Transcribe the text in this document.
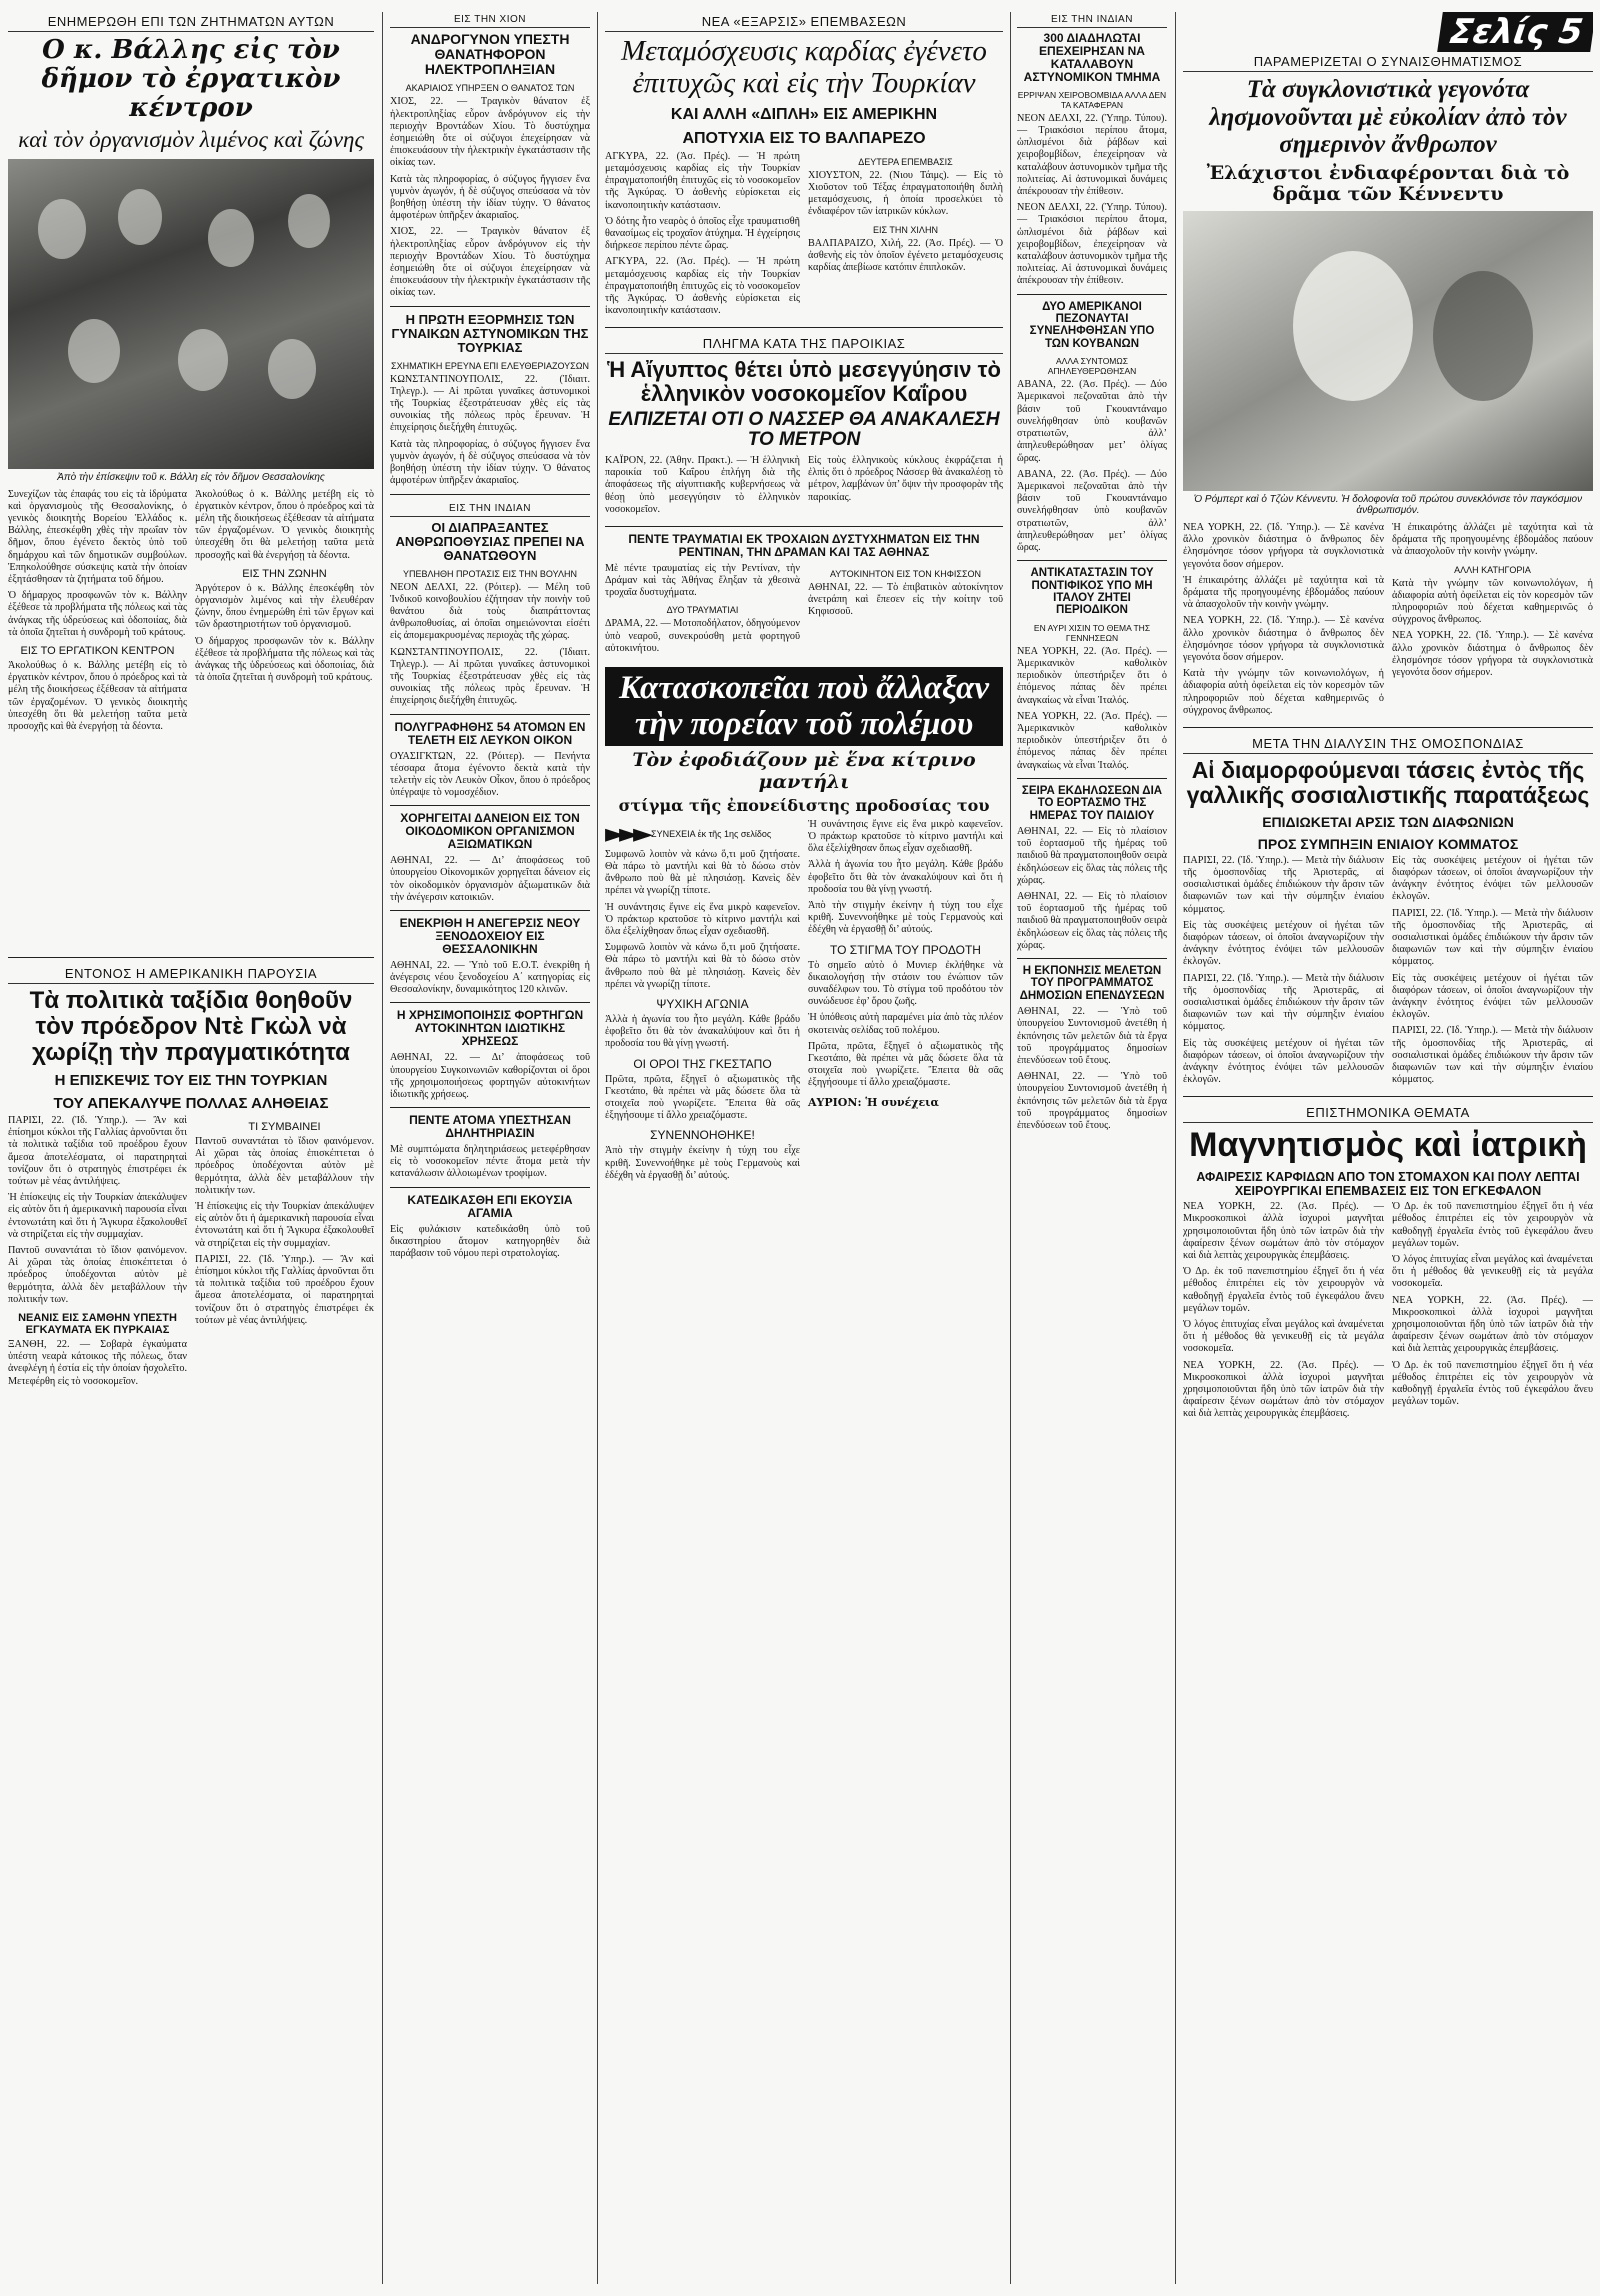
ΕΝΗΜΕΡΩΘΗ ΕΠΙ ΤΩΝ ΖΗΤΗΜΑΤΩΝ ΑΥΤΩΝ
Ο κ. Βάλλης εἰς τὸν δῆμον τὸ ἐργατικὸν κέντρον
καὶ τὸν ὀργανισμὸν λιμένος καὶ ζώνης
Ἀπὸ τὴν ἐπίσκεψιν τοῦ κ. Βάλλη εἰς τὸν δῆμον Θεσσαλονίκης

Συνεχίζων τὰς ἐπαφάς του εἰς τὰ ἱδρύματα καὶ ὀργανισμοὺς τῆς Θεσσαλονίκης, ὁ γενικὸς διοικητὴς Βορείου Ἑλλάδος κ. Βάλλης, ἐπεσκέφθη χθὲς τὴν πρωΐαν τὸν δῆμον, ὅπου ἐγένετο δεκτὸς ὑπὸ τοῦ δημάρχου καὶ τῶν δημοτικῶν συμβούλων. Ἐπηκολούθησε σύσκεψις κατὰ τὴν ὁποίαν ἐξητάσθησαν τὰ ζητήματα τοῦ δήμου.

Ὁ δήμαρχος προσφωνῶν τὸν κ. Βάλλην ἐξέθεσε τὰ προβλήματα τῆς πόλεως καὶ τὰς ἀνάγκας τῆς ὑδρεύσεως καὶ ὁδοποιίας, διὰ τὰ ὁποῖα ζητεῖται ἡ συνδρομὴ τοῦ κράτους.

ΕΙΣ ΤΟ ΕΡΓΑΤΙΚΟΝ ΚΕΝΤΡΟΝ

Ἀκολούθως ὁ κ. Βάλλης μετέβη εἰς τὸ ἐργατικὸν κέντρον, ὅπου ὁ πρόεδρος καὶ τὰ μέλη τῆς διοικήσεως ἐξέθεσαν τὰ αἰτήματα τῶν ἐργαζομένων. Ὁ γενικὸς διοικητὴς ὑπεσχέθη ὅτι θὰ μελετήσῃ ταῦτα μετὰ προσοχῆς καὶ θὰ ἐνεργήσῃ τὰ δέοντα.

Ἀκολούθως ὁ κ. Βάλλης μετέβη εἰς τὸ ἐργατικὸν κέντρον, ὅπου ὁ πρόεδρος καὶ τὰ μέλη τῆς διοικήσεως ἐξέθεσαν τὰ αἰτήματα τῶν ἐργαζομένων. Ὁ γενικὸς διοικητὴς ὑπεσχέθη ὅτι θὰ μελετήσῃ ταῦτα μετὰ προσοχῆς καὶ θὰ ἐνεργήσῃ τὰ δέοντα.

ΕΙΣ ΤΗΝ ΖΩΝΗΝ

Ἀργότερον ὁ κ. Βάλλης ἐπεσκέφθη τὸν ὀργανισμὸν λιμένος καὶ τὴν ἐλευθέραν ζώνην, ὅπου ἐνημερώθη ἐπὶ τῶν ἔργων καὶ τῶν δραστηριοτήτων τοῦ ὀργανισμοῦ.

Ὁ δήμαρχος προσφωνῶν τὸν κ. Βάλλην ἐξέθεσε τὰ προβλήματα τῆς πόλεως καὶ τὰς ἀνάγκας τῆς ὑδρεύσεως καὶ ὁδοποιίας, διὰ τὰ ὁποῖα ζητεῖται ἡ συνδρομὴ τοῦ κράτους.

ΕΝΤΟΝΟΣ Η ΑΜΕΡΙΚΑΝΙΚΗ ΠΑΡΟΥΣΙΑ
Τὰ πολιτικὰ ταξίδια θοηθοῦν τὸν πρόεδρον Ντὲ Γκὼλ νὰ χωρίζῃ τὴν πραγματικότητα
Η ΕΠΙΣΚΕΨΙΣ ΤΟΥ ΕΙΣ ΤΗΝ ΤΟΥΡΚΙΑΝ
ΤΟΥ ΑΠΕΚΑΛΥΨΕ ΠΟΛΛΑΣ ΑΛΗΘΕΙΑΣ

ΠΑΡΙΣΙ, 22. (Ἰδ. Ὑπηρ.). — Ἂν καὶ ἐπίσημοι κύκλοι τῆς Γαλλίας ἀρνοῦνται ὅτι τὰ πολιτικὰ ταξίδια τοῦ προέδρου ἔχουν ἄμεσα ἀποτελέσματα, οἱ παρατηρηταὶ τονίζουν ὅτι ὁ στρατηγὸς ἐπιστρέφει ἐκ τούτων μὲ νέας ἀντιλήψεις.

Ἡ ἐπίσκεψις εἰς τὴν Τουρκίαν ἀπεκάλυψεν εἰς αὐτὸν ὅτι ἡ ἀμερικανικὴ παρουσία εἶναι ἐντονωτάτη καὶ ὅτι ἡ Ἄγκυρα ἐξακολουθεῖ νὰ στηρίζεται εἰς τὴν συμμαχίαν.

Παντοῦ συναντάται τὸ ἴδιον φαινόμενον. Αἱ χῶραι τὰς ὁποίας ἐπισκέπτεται ὁ πρόεδρος ὑποδέχονται αὐτὸν μὲ θερμότητα, ἀλλὰ δὲν μεταβάλλουν τὴν πολιτικήν των.

ΝΕΑΝΙΣ ΕΙΣ ΣΑΜΘΗΝ ΥΠΕΣΤΗ ΕΓΚΑΥΜΑΤΑ ΕΚ ΠΥΡΚΑΙΑΣ

ΞΑΝΘΗ, 22. — Σοβαρὰ ἐγκαύματα ὑπέστη νεαρὰ κάτοικος τῆς πόλεως, ὅταν ἀνεφλέγη ἡ ἐστία εἰς τὴν ὁποίαν ἠσχολεῖτο. Μετεφέρθη εἰς τὸ νοσοκομεῖον.

ΤΙ ΣΥΜΒΑΙΝΕΙ

Παντοῦ συναντάται τὸ ἴδιον φαινόμενον. Αἱ χῶραι τὰς ὁποίας ἐπισκέπτεται ὁ πρόεδρος ὑποδέχονται αὐτὸν μὲ θερμότητα, ἀλλὰ δὲν μεταβάλλουν τὴν πολιτικήν των.

Ἡ ἐπίσκεψις εἰς τὴν Τουρκίαν ἀπεκάλυψεν εἰς αὐτὸν ὅτι ἡ ἀμερικανικὴ παρουσία εἶναι ἐντονωτάτη καὶ ὅτι ἡ Ἄγκυρα ἐξακολουθεῖ νὰ στηρίζεται εἰς τὴν συμμαχίαν.

ΠΑΡΙΣΙ, 22. (Ἰδ. Ὑπηρ.). — Ἂν καὶ ἐπίσημοι κύκλοι τῆς Γαλλίας ἀρνοῦνται ὅτι τὰ πολιτικὰ ταξίδια τοῦ προέδρου ἔχουν ἄμεσα ἀποτελέσματα, οἱ παρατηρηταὶ τονίζουν ὅτι ὁ στρατηγὸς ἐπιστρέφει ἐκ τούτων μὲ νέας ἀντιλήψεις.

ΕΙΣ ΤΗΝ ΧΙΟΝ
ΑΝΔΡΟΓΥΝΟΝ ΥΠΕΣΤΗ ΘΑΝΑΤΗΦΟΡΟΝ ΗΛΕΚΤΡΟΠΛΗΞΙΑΝ
ΑΚΑΡΙΑΙΟΣ ΥΠΗΡΞΕΝ Ο ΘΑΝΑΤΟΣ ΤΩΝ

ΧΙΟΣ, 22. — Τραγικὸν θάνατον ἐξ ἠλεκτροπληξίας εὗρον ἀνδρόγυνον εἰς τὴν περιοχὴν Βροντάδων Χίου. Τὸ δυστύχημα ἐσημειώθη ὅτε οἱ σύζυγοι ἐπεχείρησαν νὰ ἐπισκευάσουν τὴν ἠλεκτρικὴν ἐγκατάστασιν τῆς οἰκίας των.

Κατὰ τὰς πληροφορίας, ὁ σύζυγος ἤγγισεν ἕνα γυμνὸν ἀγωγόν, ἡ δὲ σύζυγος σπεύσασα νὰ τὸν βοηθήσῃ ὑπέστη τὴν ἰδίαν τύχην. Ὁ θάνατος ἀμφοτέρων ὑπῆρξεν ἀκαριαῖος.

ΧΙΟΣ, 22. — Τραγικὸν θάνατον ἐξ ἠλεκτροπληξίας εὗρον ἀνδρόγυνον εἰς τὴν περιοχὴν Βροντάδων Χίου. Τὸ δυστύχημα ἐσημειώθη ὅτε οἱ σύζυγοι ἐπεχείρησαν νὰ ἐπισκευάσουν τὴν ἠλεκτρικὴν ἐγκατάστασιν τῆς οἰκίας των.

Η ΠΡΩΤΗ ΕΞΟΡΜΗΣΙΣ ΤΩΝ ΓΥΝΑΙΚΩΝ ΑΣΤΥΝΟΜΙΚΩΝ ΤΗΣ ΤΟΥΡΚΙΑΣ
ΣΧΗΜΑΤΙΚΗ ΕΡΕΥΝΑ ΕΠΙ ΕΛΕΥΘΕΡΙΑΖΟΥΣΩΝ

ΚΩΝΣΤΑΝΤΙΝΟΥΠΟΛΙΣ, 22. (Ἰδιαιτ. Τηλεγρ.). — Αἱ πρῶται γυναῖκες ἀστυνομικοὶ τῆς Τουρκίας ἐξεστράτευσαν χθὲς εἰς τὰς συνοικίας τῆς πόλεως πρὸς ἔρευναν. Ἡ ἐπιχείρησις διεξήχθη ἐπιτυχῶς.

Κατὰ τὰς πληροφορίας, ὁ σύζυγος ἤγγισεν ἕνα γυμνὸν ἀγωγόν, ἡ δὲ σύζυγος σπεύσασα νὰ τὸν βοηθήσῃ ὑπέστη τὴν ἰδίαν τύχην. Ὁ θάνατος ἀμφοτέρων ὑπῆρξεν ἀκαριαῖος.

ΕΙΣ ΤΗΝ ΙΝΔΙΑΝ
ΟΙ ΔΙΑΠΡΑΞΑΝΤΕΣ ΑΝΘΡΩΠΟΘΥΣΙΑΣ ΠΡΕΠΕΙ ΝΑ ΘΑΝΑΤΩΘΟΥΝ
ΥΠΕΒΛΗΘΗ ΠΡΟΤΑΣΙΣ ΕΙΣ ΤΗΝ ΒΟΥΛΗΝ

ΝΕΟΝ ΔΕΛΧΙ, 22. (Ρόιτερ). — Μέλη τοῦ Ἰνδικοῦ κοινοβουλίου ἐζήτησαν τὴν ποινὴν τοῦ θανάτου διὰ τοὺς διαπράττοντας ἀνθρωποθυσίας, αἱ ὁποῖαι σημειώνονται εἰσέτι εἰς ἀπομεμακρυσμένας περιοχὰς τῆς χώρας.

ΚΩΝΣΤΑΝΤΙΝΟΥΠΟΛΙΣ, 22. (Ἰδιαιτ. Τηλεγρ.). — Αἱ πρῶται γυναῖκες ἀστυνομικοὶ τῆς Τουρκίας ἐξεστράτευσαν χθὲς εἰς τὰς συνοικίας τῆς πόλεως πρὸς ἔρευναν. Ἡ ἐπιχείρησις διεξήχθη ἐπιτυχῶς.

ΠΟΛΥΓΡΑΦΗΘΗΣ 54 ΑΤΟΜΩΝ ΕΝ ΤΕΛΕΤΗ ΕΙΣ ΛΕΥΚΟΝ ΟΙΚΟΝ

ΟΥΑΣΙΓΚΤΩΝ, 22. (Ρόιτερ). — Πενήντα τέσσαρα ἄτομα ἐγένοντο δεκτὰ κατὰ τὴν τελετὴν εἰς τὸν Λευκὸν Οἶκον, ὅπου ὁ πρόεδρος ὑπέγραψε τὸ νομοσχέδιον.

ΧΟΡΗΓΕΙΤΑΙ ΔΑΝΕΙΟΝ ΕΙΣ ΤΟΝ ΟΙΚΟΔΟΜΙΚΟΝ ΟΡΓΑΝΙΣΜΟΝ ΑΞΙΩΜΑΤΙΚΩΝ

ΑΘΗΝΑΙ, 22. — Δι’ ἀποφάσεως τοῦ ὑπουργείου Οἰκονομικῶν χορηγεῖται δάνειον εἰς τὸν οἰκοδομικὸν ὀργανισμὸν ἀξιωματικῶν διὰ τὴν ἀνέγερσιν κατοικιῶν.

ΕΝΕΚΡΙΘΗ Η ΑΝΕΓΕΡΣΙΣ ΝΕΟΥ ΞΕΝΟΔΟΧΕΙΟΥ ΕΙΣ ΘΕΣΣΑΛΟΝΙΚΗΝ

ΑΘΗΝΑΙ, 22. — Ὑπὸ τοῦ Ε.Ο.Τ. ἐνεκρίθη ἡ ἀνέγερσις νέου ξενοδοχείου Α΄ κατηγορίας εἰς Θεσσαλονίκην, δυναμικότητος 120 κλινῶν.

Η ΧΡΗΣΙΜΟΠΟΙΗΣΙΣ ΦΟΡΤΗΓΩΝ ΑΥΤΟΚΙΝΗΤΩΝ ΙΔΙΩΤΙΚΗΣ ΧΡΗΣΕΩΣ

ΑΘΗΝΑΙ, 22. — Δι’ ἀποφάσεως τοῦ ὑπουργείου Συγκοινωνιῶν καθορίζονται οἱ ὅροι τῆς χρησιμοποιήσεως φορτηγῶν αὐτοκινήτων ἰδιωτικῆς χρήσεως.

ΠΕΝΤΕ ΑΤΟΜΑ ΥΠΕΣΤΗΣΑΝ ΔΗΛΗΤΗΡΙΑΣΙΝ

Μὲ συμπτώματα δηλητηριάσεως μετεφέρθησαν εἰς τὸ νοσοκομεῖον πέντε ἄτομα μετὰ τὴν κατανάλωσιν ἀλλοιωμένων τροφίμων.

ΚΑΤΕΔΙΚΑΣΘΗ ΕΠΙ ΕΚΟΥΣΙΑ ΑΓΑΜΙΑ

Εἰς φυλάκισιν κατεδικάσθη ὑπὸ τοῦ δικαστηρίου ἄτομον κατηγορηθὲν διὰ παράβασιν τοῦ νόμου περὶ στρατολογίας.

ΝΕΑ «ΕΞΑΡΣΙΣ» ΕΠΕΜΒΑΣΕΩΝ
Μεταμόσχευσις καρδίας ἐγένετο ἐπιτυχῶς καὶ εἰς τὴν Τουρκίαν
ΚΑΙ ΑΛΛΗ «ΔΙΠΛΗ» ΕΙΣ ΑΜΕΡΙΚΗΝ
ΑΠΟΤΥΧΙΑ ΕΙΣ ΤΟ ΒΑΛΠΑΡΕΖΟ

ΑΓΚΥΡΑ, 22. (Ἀσ. Πρές). — Ἡ πρώτη μεταμόσχευσις καρδίας εἰς τὴν Τουρκίαν ἐπραγματοποιήθη ἐπιτυχῶς εἰς τὸ νοσοκομεῖον τῆς Ἀγκύρας. Ὁ ἀσθενὴς εὑρίσκεται εἰς ἱκανοποιητικὴν κατάστασιν.

Ὁ δότης ἦτο νεαρὸς ὁ ὁποῖος εἶχε τραυματισθῆ θανασίμως εἰς τροχαῖον ἀτύχημα. Ἡ ἐγχείρησις διήρκεσε περίπου πέντε ὥρας.

ΑΓΚΥΡΑ, 22. (Ἀσ. Πρές). — Ἡ πρώτη μεταμόσχευσις καρδίας εἰς τὴν Τουρκίαν ἐπραγματοποιήθη ἐπιτυχῶς εἰς τὸ νοσοκομεῖον τῆς Ἀγκύρας. Ὁ ἀσθενὴς εὑρίσκεται εἰς ἱκανοποιητικὴν κατάστασιν.

ΔΕΥΤΕΡΑ ΕΠΕΜΒΑΣΙΣ

ΧΙΟΥΣΤΟΝ, 22. (Νιου Τάιμς). — Εἰς τὸ Χιοῦστον τοῦ Τέξας ἐπραγματοποιήθη διπλὴ μεταμόσχευσις, ἡ ὁποία προσελκύει τὸ ἐνδιαφέρον τῶν ἰατρικῶν κύκλων.

ΕΙΣ ΤΗΝ ΧΙΛΗΝ

ΒΑΛΠΑΡΑΙΖΟ, Χιλή, 22. (Ἀσ. Πρές). — Ὁ ἀσθενὴς εἰς τὸν ὁποῖον ἐγένετο μεταμόσχευσις καρδίας ἀπεβίωσε κατόπιν ἐπιπλοκῶν.

ΠΛΗΓΜΑ ΚΑΤΑ ΤΗΣ ΠΑΡΟΙΚΙΑΣ
Ἡ Αἴγυπτος θέτει ὑπὸ μεσεγγύησιν τὸ ἑλληνικὸν νοσοκομεῖον Καΐρου
ΕΛΠΙΖΕΤΑΙ ΟΤΙ Ο ΝΑΣΣΕΡ ΘΑ ΑΝΑΚΑΛΕΣΗ ΤΟ ΜΕΤΡΟΝ

ΚΑΪΡΟΝ, 22. (Ἀθην. Πρακτ.). — Ἡ ἑλληνικὴ παροικία τοῦ Καΐρου ἐπλήγη διὰ τῆς ἀποφάσεως τῆς αἰγυπτιακῆς κυβερνήσεως νὰ θέσῃ ὑπὸ μεσεγγύησιν τὸ ἑλληνικὸν νοσοκομεῖον.

Εἰς τοὺς ἑλληνικοὺς κύκλους ἐκφράζεται ἡ ἐλπὶς ὅτι ὁ πρόεδρος Νάσσερ θὰ ἀνακαλέσῃ τὸ μέτρον, λαμβάνων ὑπ’ ὄψιν τὴν προσφορὰν τῆς παροικίας.

ΠΕΝΤΕ ΤΡΑΥΜΑΤΙΑΙ ΕΚ ΤΡΟΧΑΙΩΝ ΔΥΣΤΥΧΗΜΑΤΩΝ ΕΙΣ ΤΗΝ ΡΕΝΤΙΝΑΝ, ΤΗΝ ΔΡΑΜΑΝ ΚΑΙ ΤΑΣ ΑΘΗΝΑΣ

Μὲ πέντε τραυματίας εἰς τὴν Ρεντίναν, τὴν Δράμαν καὶ τὰς Ἀθήνας ἔληξαν τὰ χθεσινὰ τροχαῖα δυστυχήματα.

ΔΥΟ ΤΡΑΥΜΑΤΙΑΙ

ΔΡΑΜΑ, 22. — Μοτοποδήλατον, ὁδηγούμενον ὑπὸ νεαροῦ, συνεκρούσθη μετὰ φορτηγοῦ αὐτοκινήτου.

ΑΥΤΟΚΙΝΗΤΟΝ ΕΙΣ ΤΟΝ ΚΗΦΙΣΣΟΝ

ΑΘΗΝΑΙ, 22. — Τὸ ἐπιβατικὸν αὐτοκίνητον ἀνετράπη καὶ ἔπεσεν εἰς τὴν κοίτην τοῦ Κηφισσοῦ.

Κατασκοπεῖαι ποὺ ἄλλαξαν τὴν πορείαν τοῦ πολέμου
Τὸν ἐφοδιάζουν μὲ ἕνα κίτρινο μαντήλι
στίγμα τῆς ἐπονείδιστης προδοσίας του
►►► ΣΥΝΕΧΕΙΑ ἐκ τῆς 1ης σελίδος

Συμφωνῶ λοιπὸν νὰ κάνω ὅ,τι μοῦ ζητήσατε. Θὰ πάρω τὸ μαντήλι καὶ θὰ τὸ δώσω στὸν ἄνθρωπο ποὺ θὰ μὲ πλησιάσῃ. Κανεὶς δὲν πρέπει νὰ γνωρίζῃ τίποτε.

Ἡ συνάντησις ἔγινε εἰς ἕνα μικρὸ καφενεῖον. Ὁ πράκτωρ κρατοῦσε τὸ κίτρινο μαντήλι καὶ ὅλα ἐξελίχθησαν ὅπως εἶχαν σχεδιασθῆ.

Συμφωνῶ λοιπὸν νὰ κάνω ὅ,τι μοῦ ζητήσατε. Θὰ πάρω τὸ μαντήλι καὶ θὰ τὸ δώσω στὸν ἄνθρωπο ποὺ θὰ μὲ πλησιάσῃ. Κανεὶς δὲν πρέπει νὰ γνωρίζῃ τίποτε.

ΨΥΧΙΚΗ ΑΓΩΝΙΑ

Ἀλλὰ ἡ ἀγωνία του ἦτο μεγάλη. Κάθε βράδυ ἐφοβεῖτο ὅτι θὰ τὸν ἀνακαλύψουν καὶ ὅτι ἡ προδοσία του θὰ γίνῃ γνωστή.

ΟΙ ΟΡΟΙ ΤΗΣ ΓΚΕΣΤΑΠΟ

Πρῶτα, πρῶτα, ἔξηγεῖ ὁ αξιωματικὸς τῆς Γκεστάπο, θὰ πρέπει νὰ μᾶς δώσετε ὅλα τὰ στοιχεῖα ποὺ γνωρίζετε. Ἔπειτα θὰ σᾶς ἐξηγήσουμε τί ἄλλο χρειαζόμαστε.

ΣΥΝΕΝΝΟΗΘΗΚΕ!

Ἀπὸ τὴν στιγμὴν ἐκείνην ἡ τύχη του εἶχε κριθῆ. Συνεννοήθηκε μὲ τοὺς Γερμανοὺς καὶ ἐδέχθη νὰ ἐργασθῇ δι’ αὐτούς.

Ἡ συνάντησις ἔγινε εἰς ἕνα μικρὸ καφενεῖον. Ὁ πράκτωρ κρατοῦσε τὸ κίτρινο μαντήλι καὶ ὅλα ἐξελίχθησαν ὅπως εἶχαν σχεδιασθῆ.

Ἀλλὰ ἡ ἀγωνία του ἦτο μεγάλη. Κάθε βράδυ ἐφοβεῖτο ὅτι θὰ τὸν ἀνακαλύψουν καὶ ὅτι ἡ προδοσία του θὰ γίνῃ γνωστή.

Ἀπὸ τὴν στιγμὴν ἐκείνην ἡ τύχη του εἶχε κριθῆ. Συνεννοήθηκε μὲ τοὺς Γερμανοὺς καὶ ἐδέχθη νὰ ἐργασθῇ δι’ αὐτούς.

ΤΟ ΣΤΙΓΜΑ ΤΟΥ ΠΡΟΔΟΤΗ

Τὸ σημεῖο αὐτὸ ὁ Μυνιερ ἐκλήθηκε νὰ δικαιολογήσῃ τὴν στάσιν του ἐνώπιον τῶν συναδέλφων του. Τὸ στίγμα τοῦ προδότου τὸν συνώδευσε ἐφ’ ὅρου ζωῆς.

Ἡ ὑπόθεσις αὐτὴ παραμένει μία ἀπὸ τὰς πλέον σκοτεινὰς σελίδας τοῦ πολέμου.

Πρῶτα, πρῶτα, ἔξηγεῖ ὁ αξιωματικὸς τῆς Γκεστάπο, θὰ πρέπει νὰ μᾶς δώσετε ὅλα τὰ στοιχεῖα ποὺ γνωρίζετε. Ἔπειτα θὰ σᾶς ἐξηγήσουμε τί ἄλλο χρειαζόμαστε.

ΑΥΡΙΟΝ: Ἡ συνέχεια
ΕΙΣ ΤΗΝ ΙΝΔΙΑΝ
300 ΔΙΑΔΗΛΩΤΑΙ ΕΠΕΧΕΙΡΗΣΑΝ ΝΑ ΚΑΤΑΛΑΒΟΥΝ ΑΣΤΥΝΟΜΙΚΟΝ ΤΜΗΜΑ
ΕΡΡΙΨΑΝ ΧΕΙΡΟΒΟΜΒΙΔΑ ΑΛΛΑ ΔΕΝ ΤΑ ΚΑΤΑΦΕΡΑΝ

ΝΕΟΝ ΔΕΛΧΙ, 22. (Ὑπηρ. Τύπου). — Τριακόσιοι περίπου ἄτομα, ὡπλισμένοι διὰ ῥάβδων καὶ χειροβομβίδων, ἐπεχείρησαν νὰ καταλάβουν ἀστυνομικὸν τμῆμα τῆς πολιτείας. Αἱ ἀστυνομικαὶ δυνάμεις ἀπέκρουσαν τὴν ἐπίθεσιν.

ΝΕΟΝ ΔΕΛΧΙ, 22. (Ὑπηρ. Τύπου). — Τριακόσιοι περίπου ἄτομα, ὡπλισμένοι διὰ ῥάβδων καὶ χειροβομβίδων, ἐπεχείρησαν νὰ καταλάβουν ἀστυνομικὸν τμῆμα τῆς πολιτείας. Αἱ ἀστυνομικαὶ δυνάμεις ἀπέκρουσαν τὴν ἐπίθεσιν.

ΔΥΟ ΑΜΕΡΙΚΑΝΟΙ ΠΕΖΟΝΑΥΤΑΙ ΣΥΝΕΛΗΦΘΗΣΑΝ ΥΠΟ ΤΩΝ ΚΟΥΒΑΝΩΝ
ΑΛΛΑ ΣΥΝΤΟΜΩΣ ΑΠΗΛΕΥΘΕΡΩΘΗΣΑΝ

ΑΒΑΝΑ, 22. (Ἀσ. Πρές). — Δύο Ἀμερικανοὶ πεζοναῦται ἀπὸ τὴν βάσιν τοῦ Γκουαντάναμο συνελήφθησαν ὑπὸ κουβανῶν στρατιωτῶν, ἀλλ’ ἀπηλευθερώθησαν μετ’ ὀλίγας ὥρας.

ΑΒΑΝΑ, 22. (Ἀσ. Πρές). — Δύο Ἀμερικανοὶ πεζοναῦται ἀπὸ τὴν βάσιν τοῦ Γκουαντάναμο συνελήφθησαν ὑπὸ κουβανῶν στρατιωτῶν, ἀλλ’ ἀπηλευθερώθησαν μετ’ ὀλίγας ὥρας.

ΑΝΤΙΚΑΤΑΣΤΑΣΙΝ ΤΟΥ ΠΟΝΤΙΦΙΚΟΣ ΥΠΟ ΜΗ ΙΤΑΛΟΥ ΖΗΤΕΙ ΠΕΡΙΟΔΙΚΟΝ
ΕΝ ΑΥΡΙ ΧΙΣΙΝ ΤΟ ΘΕΜΑ ΤΗΣ ΓΕΝΝΗΣΕΩΝ

ΝΕΑ ΥΟΡΚΗ, 22. (Ἀσ. Πρές). — Ἀμερικανικὸν καθολικὸν περιοδικὸν ὑπεστήριξεν ὅτι ὁ ἑπόμενος πάπας δὲν πρέπει ἀναγκαίως νὰ εἶναι Ἰταλός.

ΝΕΑ ΥΟΡΚΗ, 22. (Ἀσ. Πρές). — Ἀμερικανικὸν καθολικὸν περιοδικὸν ὑπεστήριξεν ὅτι ὁ ἑπόμενος πάπας δὲν πρέπει ἀναγκαίως νὰ εἶναι Ἰταλός.

ΣΕΙΡΑ ΕΚΔΗΛΩΣΕΩΝ ΔΙΑ ΤΟ ΕΟΡΤΑΣΜΟ ΤΗΣ ΗΜΕΡΑΣ ΤΟΥ ΠΑΙΔΙΟΥ

ΑΘΗΝΑΙ, 22. — Εἰς τὸ πλαίσιον τοῦ ἑορτασμοῦ τῆς ἡμέρας τοῦ παιδιοῦ θὰ πραγματοποιηθοῦν σειρὰ ἐκδηλώσεων εἰς ὅλας τὰς πόλεις τῆς χώρας.

ΑΘΗΝΑΙ, 22. — Εἰς τὸ πλαίσιον τοῦ ἑορτασμοῦ τῆς ἡμέρας τοῦ παιδιοῦ θὰ πραγματοποιηθοῦν σειρὰ ἐκδηλώσεων εἰς ὅλας τὰς πόλεις τῆς χώρας.

Η ΕΚΠΟΝΗΣΙΣ ΜΕΛΕΤΩΝ ΤΟΥ ΠΡΟΓΡΑΜΜΑΤΟΣ ΔΗΜΟΣΙΩΝ ΕΠΕΝΔΥΣΕΩΝ

ΑΘΗΝΑΙ, 22. — Ὑπὸ τοῦ ὑπουργείου Συντονισμοῦ ἀνετέθη ἡ ἐκπόνησις τῶν μελετῶν διὰ τὰ ἔργα τοῦ προγράμματος δημοσίων ἐπενδύσεων τοῦ ἔτους.

ΑΘΗΝΑΙ, 22. — Ὑπὸ τοῦ ὑπουργείου Συντονισμοῦ ἀνετέθη ἡ ἐκπόνησις τῶν μελετῶν διὰ τὰ ἔργα τοῦ προγράμματος δημοσίων ἐπενδύσεων τοῦ ἔτους.

Σελίς 5
ΠΑΡΑΜΕΡΙΖΕΤΑΙ Ο ΣΥΝΑΙΣΘΗΜΑΤΙΣΜΟΣ
Τὰ συγκλονιστικὰ γεγονότα λησμονοῦνται μὲ εὐκολίαν ἀπὸ τὸν σημερινὸν ἄνθρωπον
Ἐλάχιστοι ἐνδιαφέρονται διὰ τὸ δρᾶμα τῶν Κέννεντυ
Ὁ Ρόμπερτ καὶ ὁ Τζὼν Κέννεντυ. Ἡ δολοφονία τοῦ πρώτου συνεκλόνισε τὸν παγκόσμιον ἀνθρωπισμόν.

ΝΕΑ ΥΟΡΚΗ, 22. (Ἰδ. Ὑπηρ.). — Σὲ κανένα ἄλλο χρονικὸν διάστημα ὁ ἄνθρωπος δὲν ἐλησμόνησε τόσον γρήγορα τὰ συγκλονιστικὰ γεγονότα ὅσον σήμερον.

Ἡ ἐπικαιρότης ἀλλάζει μὲ ταχύτητα καὶ τὰ δράματα τῆς προηγουμένης ἑβδομάδος παύουν νὰ ἀπασχολοῦν τὴν κοινὴν γνώμην.

ΝΕΑ ΥΟΡΚΗ, 22. (Ἰδ. Ὑπηρ.). — Σὲ κανένα ἄλλο χρονικὸν διάστημα ὁ ἄνθρωπος δὲν ἐλησμόνησε τόσον γρήγορα τὰ συγκλονιστικὰ γεγονότα ὅσον σήμερον.

Κατὰ τὴν γνώμην τῶν κοινωνιολόγων, ἡ ἀδιαφορία αὐτὴ ὀφείλεται εἰς τὸν κορεσμὸν τῶν πληροφοριῶν ποὺ δέχεται καθημερινῶς ὁ σύγχρονος ἄνθρωπος.

Ἡ ἐπικαιρότης ἀλλάζει μὲ ταχύτητα καὶ τὰ δράματα τῆς προηγουμένης ἑβδομάδος παύουν νὰ ἀπασχολοῦν τὴν κοινὴν γνώμην.

ΑΛΛΗ ΚΑΤΗΓΟΡΙΑ

Κατὰ τὴν γνώμην τῶν κοινωνιολόγων, ἡ ἀδιαφορία αὐτὴ ὀφείλεται εἰς τὸν κορεσμὸν τῶν πληροφοριῶν ποὺ δέχεται καθημερινῶς ὁ σύγχρονος ἄνθρωπος.

ΝΕΑ ΥΟΡΚΗ, 22. (Ἰδ. Ὑπηρ.). — Σὲ κανένα ἄλλο χρονικὸν διάστημα ὁ ἄνθρωπος δὲν ἐλησμόνησε τόσον γρήγορα τὰ συγκλονιστικὰ γεγονότα ὅσον σήμερον.

ΜΕΤΑ ΤΗΝ ΔΙΑΛΥΣΙΝ ΤΗΣ ΟΜΟΣΠΟΝΔΙΑΣ
Αἱ διαμορφούμεναι τάσεις ἐντὸς τῆς γαλλικῆς σοσιαλιστικῆς παρατάξεως
ΕΠΙΔΙΩΚΕΤΑΙ ΑΡΣΙΣ ΤΩΝ ΔΙΑΦΩΝΙΩΝ
ΠΡΟΣ ΣΥΜΠΗΞΙΝ ΕΝΙΑΙΟΥ ΚΟΜΜΑΤΟΣ

ΠΑΡΙΣΙ, 22. (Ἰδ. Ὑπηρ.). — Μετὰ τὴν διάλυσιν τῆς ὁμοσπονδίας τῆς Ἀριστερᾶς, αἱ σοσιαλιστικαὶ ὁμάδες ἐπιδιώκουν τὴν ἄρσιν τῶν διαφωνιῶν των καὶ τὴν σύμπηξιν ἑνιαίου κόμματος.

Εἰς τὰς συσκέψεις μετέχουν οἱ ἡγέται τῶν διαφόρων τάσεων, οἱ ὁποῖοι ἀναγνωρίζουν τὴν ἀνάγκην ἑνότητος ἐνόψει τῶν μελλουσῶν ἐκλογῶν.

ΠΑΡΙΣΙ, 22. (Ἰδ. Ὑπηρ.). — Μετὰ τὴν διάλυσιν τῆς ὁμοσπονδίας τῆς Ἀριστερᾶς, αἱ σοσιαλιστικαὶ ὁμάδες ἐπιδιώκουν τὴν ἄρσιν τῶν διαφωνιῶν των καὶ τὴν σύμπηξιν ἑνιαίου κόμματος.

Εἰς τὰς συσκέψεις μετέχουν οἱ ἡγέται τῶν διαφόρων τάσεων, οἱ ὁποῖοι ἀναγνωρίζουν τὴν ἀνάγκην ἑνότητος ἐνόψει τῶν μελλουσῶν ἐκλογῶν.

Εἰς τὰς συσκέψεις μετέχουν οἱ ἡγέται τῶν διαφόρων τάσεων, οἱ ὁποῖοι ἀναγνωρίζουν τὴν ἀνάγκην ἑνότητος ἐνόψει τῶν μελλουσῶν ἐκλογῶν.

ΠΑΡΙΣΙ, 22. (Ἰδ. Ὑπηρ.). — Μετὰ τὴν διάλυσιν τῆς ὁμοσπονδίας τῆς Ἀριστερᾶς, αἱ σοσιαλιστικαὶ ὁμάδες ἐπιδιώκουν τὴν ἄρσιν τῶν διαφωνιῶν των καὶ τὴν σύμπηξιν ἑνιαίου κόμματος.

Εἰς τὰς συσκέψεις μετέχουν οἱ ἡγέται τῶν διαφόρων τάσεων, οἱ ὁποῖοι ἀναγνωρίζουν τὴν ἀνάγκην ἑνότητος ἐνόψει τῶν μελλουσῶν ἐκλογῶν.

ΠΑΡΙΣΙ, 22. (Ἰδ. Ὑπηρ.). — Μετὰ τὴν διάλυσιν τῆς ὁμοσπονδίας τῆς Ἀριστερᾶς, αἱ σοσιαλιστικαὶ ὁμάδες ἐπιδιώκουν τὴν ἄρσιν τῶν διαφωνιῶν των καὶ τὴν σύμπηξιν ἑνιαίου κόμματος.

ΕΠΙΣΤΗΜΟΝΙΚΑ ΘΕΜΑΤΑ
Μαγνητισμὸς καὶ ἰατρικὴ
ΑΦΑΙΡΕΣΙΣ ΚΑΡΦΙΔΩΝ ΑΠΟ ΤΟΝ ΣΤΟΜΑΧΟΝ ΚΑΙ ΠΟΛΥ ΛΕΠΤΑΙ ΧΕΙΡΟΥΡΓΙΚΑΙ ΕΠΕΜΒΑΣΕΙΣ ΕΙΣ ΤΟΝ ΕΓΚΕΦΑΛΟΝ

ΝΕΑ ΥΟΡΚΗ, 22. (Ἀσ. Πρές). — Μικροσκοπικοὶ ἀλλὰ ἰσχυροὶ μαγνῆται χρησιμοποιοῦνται ἤδη ὑπὸ τῶν ἰατρῶν διὰ τὴν ἀφαίρεσιν ξένων σωμάτων ἀπὸ τὸν στόμαχον καὶ διὰ λεπτὰς χειρουργικὰς ἐπεμβάσεις.

Ὁ Δρ. ἐκ τοῦ πανεπιστημίου ἐξηγεῖ ὅτι ἡ νέα μέθοδος ἐπιτρέπει εἰς τὸν χειρουργὸν νὰ καθοδηγῇ ἐργαλεῖα ἐντὸς τοῦ ἐγκεφάλου ἄνευ μεγάλων τομῶν.

Ὁ λόγος ἐπιτυχίας εἶναι μεγάλος καὶ ἀναμένεται ὅτι ἡ μέθοδος θὰ γενικευθῇ εἰς τὰ μεγάλα νοσοκομεῖα.

ΝΕΑ ΥΟΡΚΗ, 22. (Ἀσ. Πρές). — Μικροσκοπικοὶ ἀλλὰ ἰσχυροὶ μαγνῆται χρησιμοποιοῦνται ἤδη ὑπὸ τῶν ἰατρῶν διὰ τὴν ἀφαίρεσιν ξένων σωμάτων ἀπὸ τὸν στόμαχον καὶ διὰ λεπτὰς χειρουργικὰς ἐπεμβάσεις.

Ὁ Δρ. ἐκ τοῦ πανεπιστημίου ἐξηγεῖ ὅτι ἡ νέα μέθοδος ἐπιτρέπει εἰς τὸν χειρουργὸν νὰ καθοδηγῇ ἐργαλεῖα ἐντὸς τοῦ ἐγκεφάλου ἄνευ μεγάλων τομῶν.

Ὁ λόγος ἐπιτυχίας εἶναι μεγάλος καὶ ἀναμένεται ὅτι ἡ μέθοδος θὰ γενικευθῇ εἰς τὰ μεγάλα νοσοκομεῖα.

ΝΕΑ ΥΟΡΚΗ, 22. (Ἀσ. Πρές). — Μικροσκοπικοὶ ἀλλὰ ἰσχυροὶ μαγνῆται χρησιμοποιοῦνται ἤδη ὑπὸ τῶν ἰατρῶν διὰ τὴν ἀφαίρεσιν ξένων σωμάτων ἀπὸ τὸν στόμαχον καὶ διὰ λεπτὰς χειρουργικὰς ἐπεμβάσεις.

Ὁ Δρ. ἐκ τοῦ πανεπιστημίου ἐξηγεῖ ὅτι ἡ νέα μέθοδος ἐπιτρέπει εἰς τὸν χειρουργὸν νὰ καθοδηγῇ ἐργαλεῖα ἐντὸς τοῦ ἐγκεφάλου ἄνευ μεγάλων τομῶν.
